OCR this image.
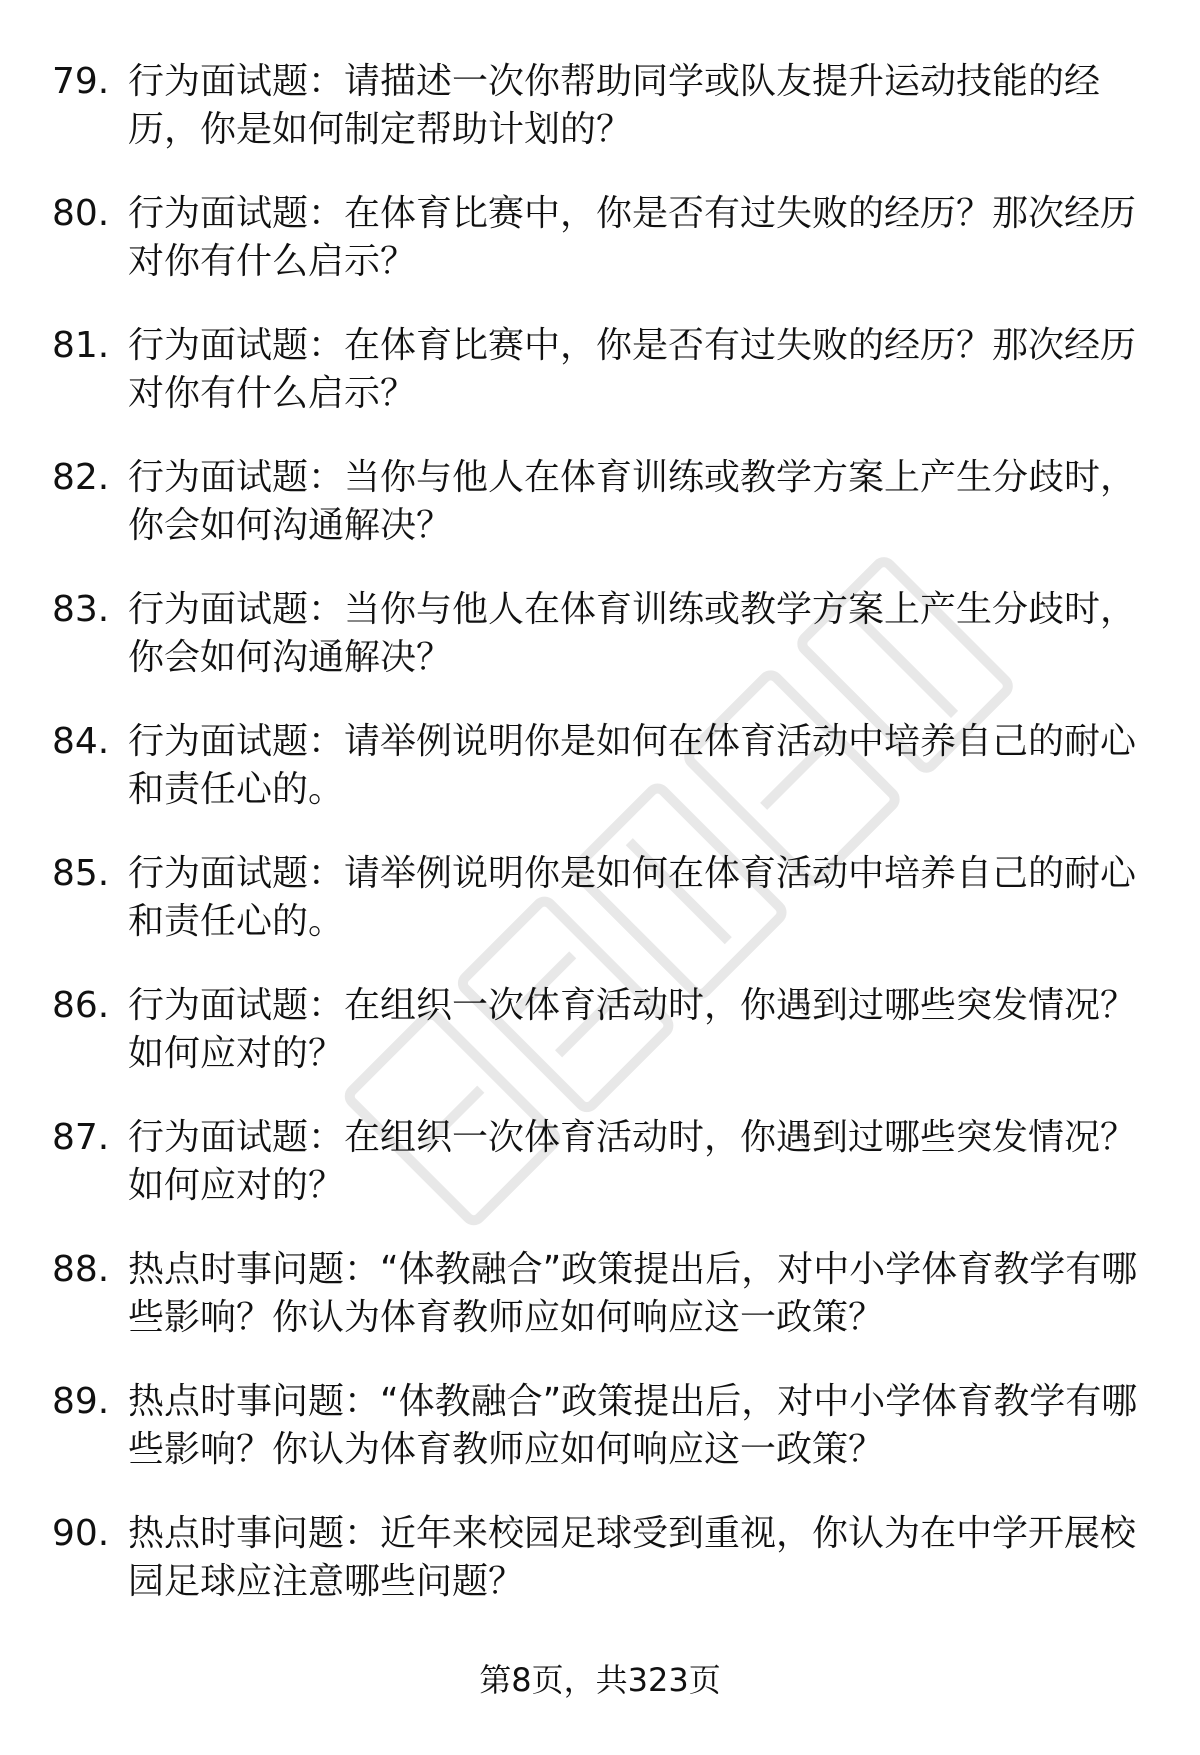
79. 行为面试题：请描述一次你帮助同学或队友提升运动技能的经历，你是如何制定帮助计划的？
80. 行为面试题：在体育比赛中，你是否有过失败的经历？那次经历对你有什么启示？
81. 行为面试题：在体育比赛中，你是否有过失败的经历？那次经历对你有什么启示？
82. 行为面试题：当你与他人在体育训练或教学方案上产生分歧时，你会如何沟通解决？
83. 行为面试题：当你与他人在体育训练或教学方案上产生分歧时，你会如何沟通解决？
84. 行为面试题：请举例说明你是如何在体育活动中培养自己的耐心和责任心的。
85. 行为面试题：请举例说明你是如何在体育活动中培养自己的耐心和责任心的。
86. 行为面试题：在组织一次体育活动时，你遇到过哪些突发情况？如何应对的？
87. 行为面试题：在组织一次体育活动时，你遇到过哪些突发情况？如何应对的？
88. 热点时事问题：“体教融合”政策提出后，对中小学体育教学有哪些影响？你认为体育教师应如何响应这一政策？
89. 热点时事问题：“体教融合”政策提出后，对中小学体育教学有哪些影响？你认为体育教师应如何响应这一政策？
90. 热点时事问题：近年来校园足球受到重视，你认为在中学开展校园足球应注意哪些问题？
第8页，共323页
